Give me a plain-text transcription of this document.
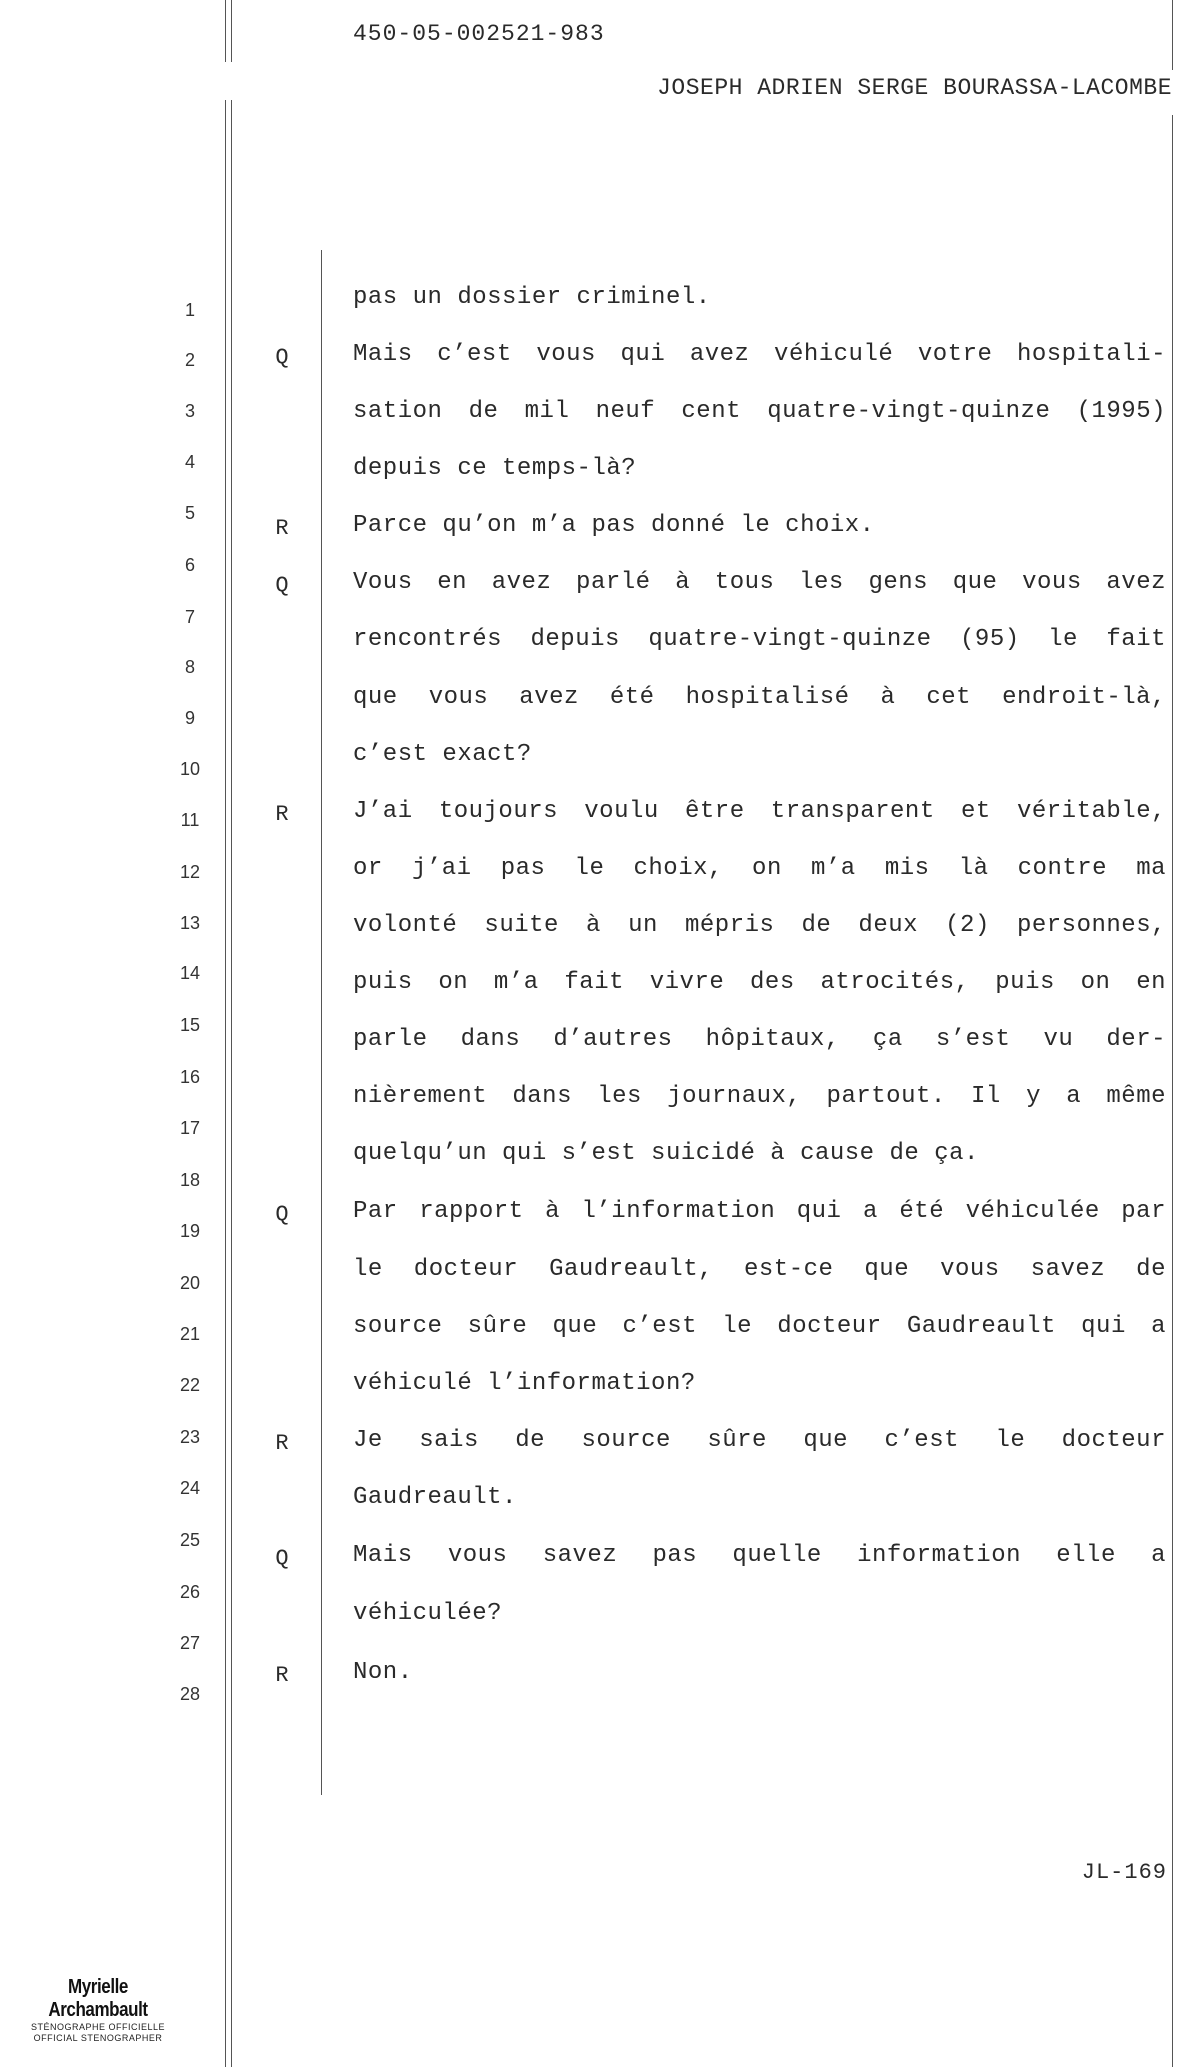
450-05-002521-983
JOSEPH ADRIEN SERGE BOURASSA-LACOMBE
1
2
3
4
5
6
7
8
9
10
11
12
13
14
15
16
17
18
19
20
21
22
23
24
25
26
27
28
pas un dossier criminel.
Mais c’est vous qui avez véhiculé votre hospitali-
Q
sation de mil neuf cent quatre-vingt-quinze (1995)
depuis ce temps-là?
Parce qu’on m’a pas donné le choix.
R
Vous en avez parlé à tous les gens que vous avez
Q
rencontrés depuis quatre-vingt-quinze (95) le fait
que vous avez été hospitalisé à cet endroit-là,
c’est exact?
J’ai toujours voulu être transparent et véritable,
R
or j’ai pas le choix, on m’a mis là contre ma
volonté suite à un mépris de deux (2) personnes,
puis on m’a fait vivre des atrocités, puis on en
parle dans d’autres hôpitaux, ça s’est vu der-
nièrement dans les journaux, partout. Il y a même
quelqu’un qui s’est suicidé à cause de ça.
Par rapport à l’information qui a été véhiculée par
Q
le docteur Gaudreault, est-ce que vous savez de
source sûre que c’est le docteur Gaudreault qui a
véhiculé l’information?
Je sais de source sûre que c’est le docteur
R
Gaudreault.
Mais vous savez pas quelle information elle a
Q
véhiculée?
Non.
R
JL-169
Myrielle Archambault
STÉNOGRAPHE OFFICIELLE
OFFICIAL STENOGRAPHER
